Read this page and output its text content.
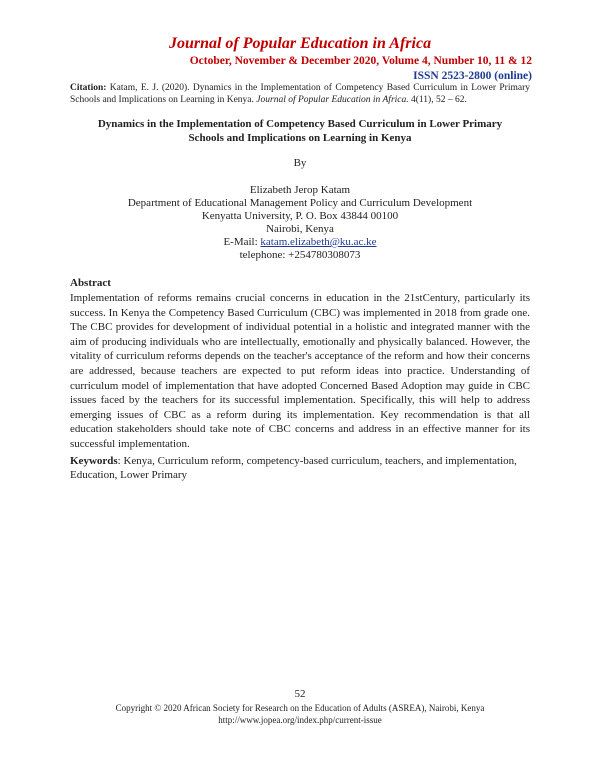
Journal of Popular Education in Africa
October, November & December 2020, Volume 4, Number 10, 11 & 12
ISSN 2523-2800 (online)
Citation: Katam, E. J. (2020). Dynamics in the Implementation of Competency Based Curriculum in Lower Primary Schools and Implications on Learning in Kenya. Journal of Popular Education in Africa. 4(11), 52 – 62.
Dynamics in the Implementation of Competency Based Curriculum in Lower Primary Schools and Implications on Learning in Kenya
By
Elizabeth Jerop Katam
Department of Educational Management Policy and Curriculum Development
Kenyatta University, P. O. Box 43844 00100
Nairobi, Kenya
E-Mail: katam.elizabeth@ku.ac.ke
telephone: +254780308073
Abstract
Implementation of reforms remains crucial concerns in education in the 21stCentury, particularly its success. In Kenya the Competency Based Curriculum (CBC) was implemented in 2018 from grade one. The CBC provides for development of individual potential in a holistic and integrated manner with the aim of producing individuals who are intellectually, emotionally and physically balanced. However, the vitality of curriculum reforms depends on the teacher's acceptance of the reform and how their concerns are addressed, because teachers are expected to put reform ideas into practice. Understanding of curriculum model of implementation that have adopted Concerned Based Adoption may guide in CBC issues faced by the teachers for its successful implementation. Specifically, this will help to address emerging issues of CBC as a reform during its implementation. Key recommendation is that all education stakeholders should take note of CBC concerns and address in an effective manner for its successful implementation.
Keywords: Kenya, Curriculum reform, competency-based curriculum, teachers, and implementation, Education, Lower Primary
52
Copyright © 2020 African Society for Research on the Education of Adults (ASREA), Nairobi, Kenya
http://www.jopea.org/index.php/current-issue
